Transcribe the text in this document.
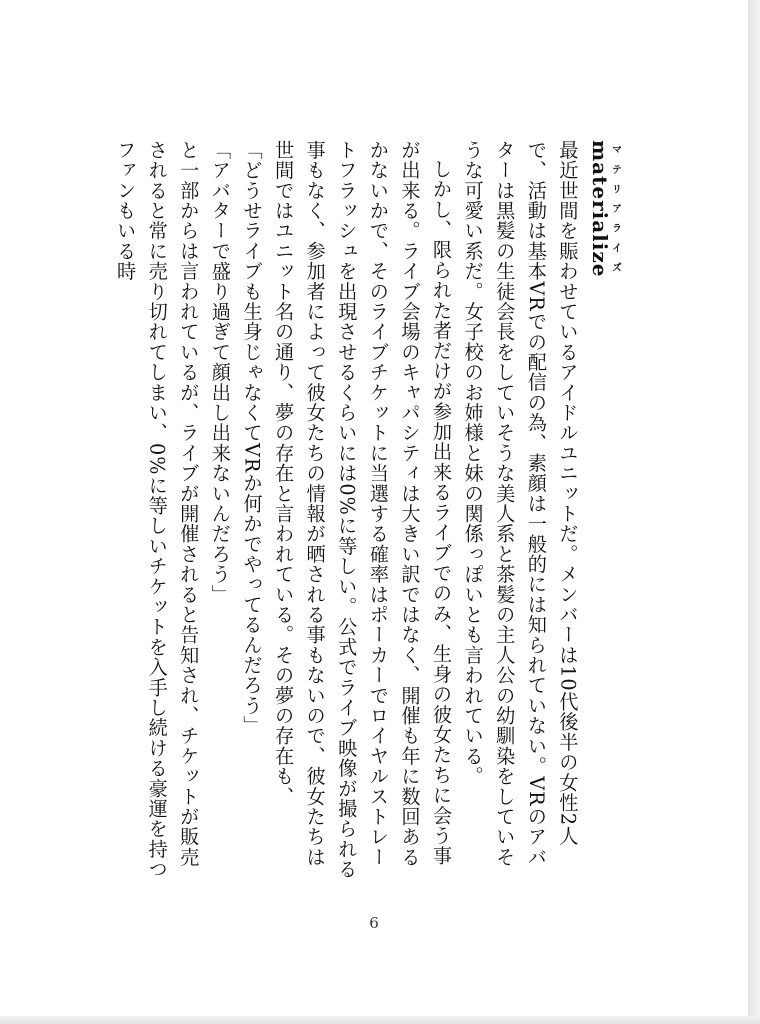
materializeマテリアライズ

最近世間を賑わせているアイドルユニットだ。メンバーは10代後半の女性2人で、活動は基本VRでの配信の為、素顔は一般的には知られていない。VRのアバターは黒髪の生徒会長をしていそうな美人系と茶髪の主人公の幼馴染をしていそうな可愛い系だ。女子校のお姉様と妹の関係っぽいとも言われている。

しかし、限られた者だけが参加出来るライブでのみ、生身の彼女たちに会う事が出来る。ライブ会場のキャパシティは大きい訳ではなく、開催も年に数回あるかないかで、そのライブチケットに当選する確率はポーカーでロイヤルストレートフラッシュを出現させるくらいには0%に等しい。公式でライブ映像が撮られる事もなく、参加者によって彼女たちの情報が晒される事もないので、彼女たちは世間ではユニット名の通り、夢の存在と言われている。その夢の存在も、

「どうせライブも生身じゃなくてVRか何かでやってるんだろう」

「アバターで盛り過ぎて顔出し出来ないんだろう」

と一部からは言われているが、ライブが開催されると告知され、チケットが販売されると常に売り切れてしまい、0%に等しいチケットを入手し続ける豪運を持つファンもいる時

6
